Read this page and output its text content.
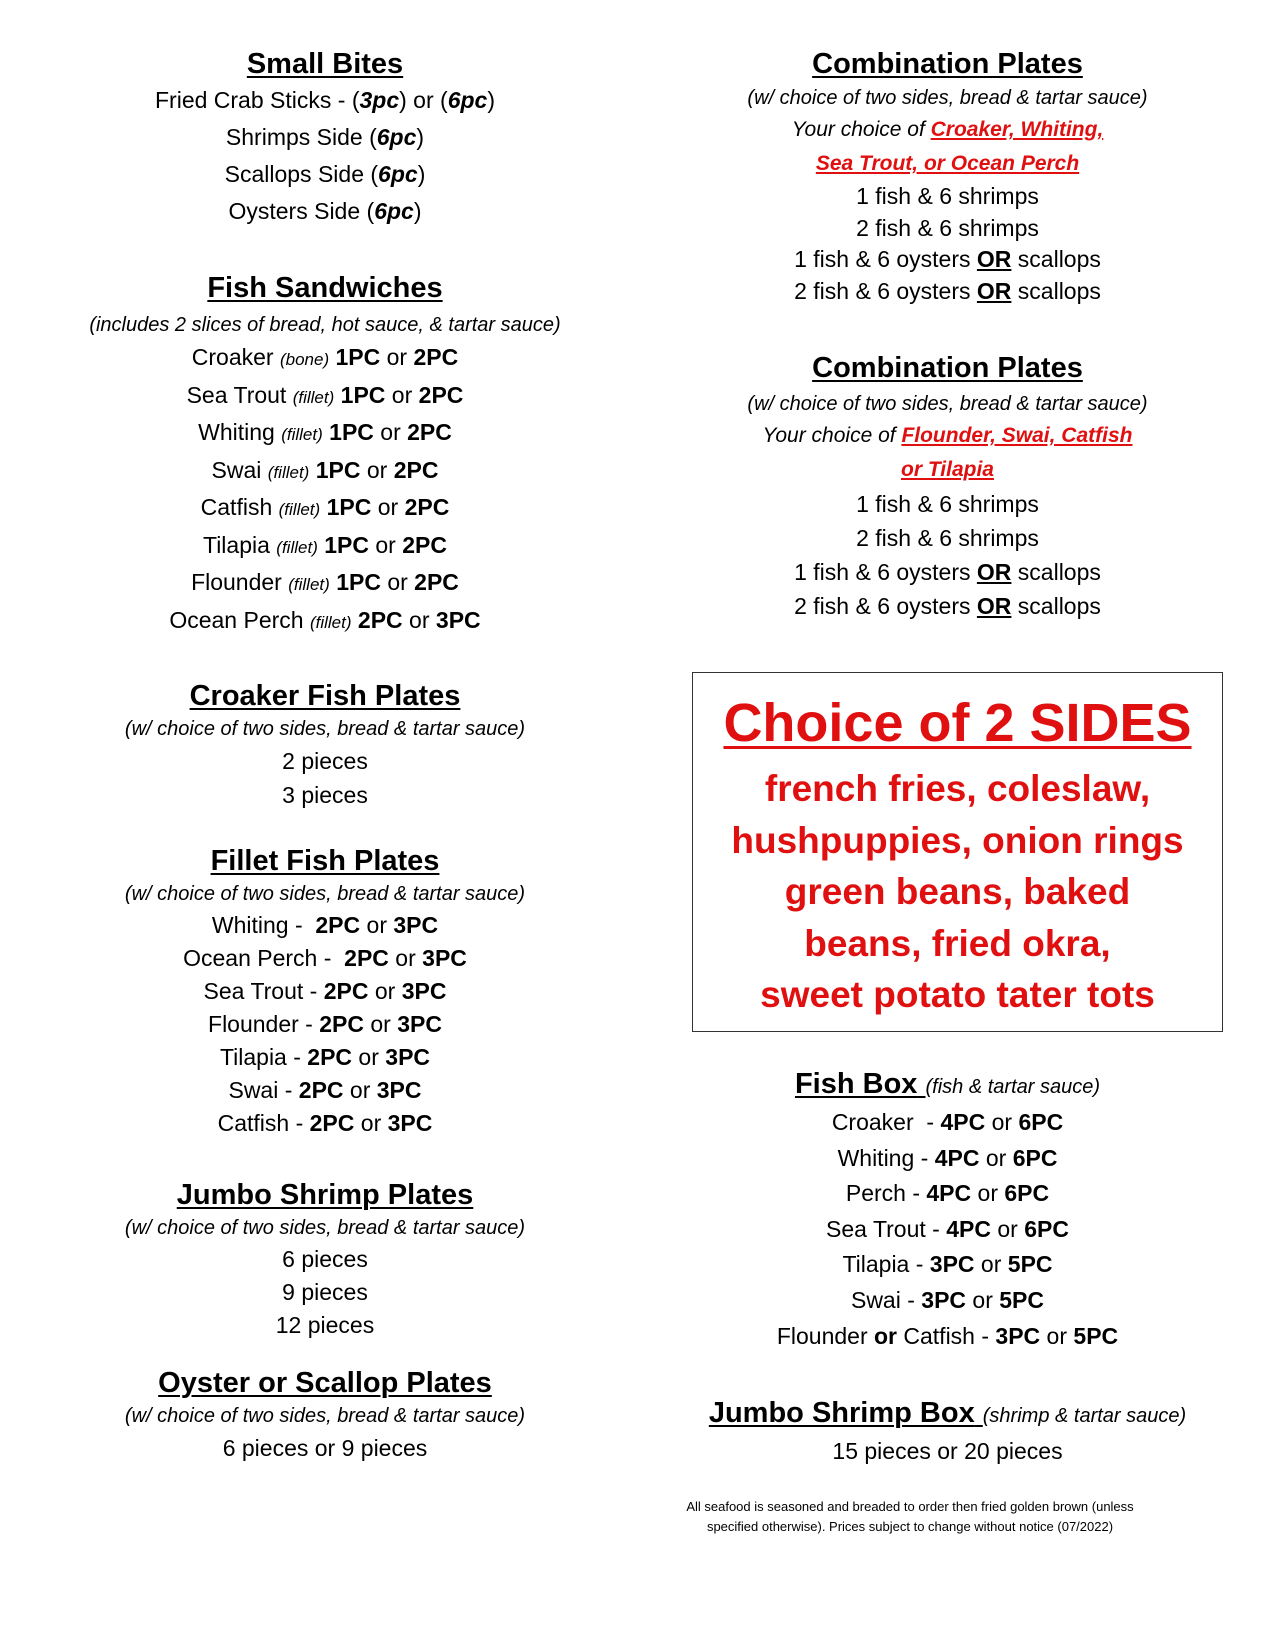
Small Bites
Fried Crab Sticks - (3pc) or (6pc)
Shrimps Side (6pc)
Scallops Side (6pc)
Oysters Side (6pc)
Fish Sandwiches
(includes 2 slices of bread, hot sauce, & tartar sauce)
Croaker (bone) 1PC or 2PC
Sea Trout (fillet) 1PC or 2PC
Whiting (fillet) 1PC or 2PC
Swai (fillet) 1PC or 2PC
Catfish (fillet) 1PC or 2PC
Tilapia (fillet) 1PC or 2PC
Flounder (fillet) 1PC or 2PC
Ocean Perch (fillet) 2PC or 3PC
Croaker Fish Plates
(w/ choice of two sides, bread & tartar sauce)
2 pieces
3 pieces
Fillet Fish Plates
(w/ choice of two sides, bread & tartar sauce)
Whiting -  2PC or 3PC
Ocean Perch -  2PC or 3PC
Sea Trout - 2PC or 3PC
Flounder - 2PC or 3PC
Tilapia - 2PC or 3PC
Swai - 2PC or 3PC
Catfish - 2PC or 3PC
Jumbo Shrimp Plates
(w/ choice of two sides, bread & tartar sauce)
6 pieces
9 pieces
12 pieces
Oyster or Scallop Plates
(w/ choice of two sides, bread & tartar sauce)
6 pieces or 9 pieces
Combination Plates
(w/ choice of two sides, bread & tartar sauce)
Your choice of Croaker, Whiting,
Sea Trout, or Ocean Perch
1 fish & 6 shrimps
2 fish & 6 shrimps
1 fish & 6 oysters OR scallops
2 fish & 6 oysters OR scallops
Combination Plates
(w/ choice of two sides, bread & tartar sauce)
Your choice of Flounder, Swai, Catfish
or Tilapia
1 fish & 6 shrimps
2 fish & 6 shrimps
1 fish & 6 oysters OR scallops
2 fish & 6 oysters OR scallops
Fish Box (fish & tartar sauce)
Croaker  - 4PC or 6PC
Whiting - 4PC or 6PC
Perch - 4PC or 6PC
Sea Trout - 4PC or 6PC
Tilapia - 3PC or 5PC
Swai - 3PC or 5PC
Flounder or Catfish - 3PC or 5PC
Jumbo Shrimp Box (shrimp & tartar sauce)
15 pieces or 20 pieces
Choice of 2 SIDES
french fries, coleslaw,
hushpuppies, onion rings
green beans, baked
beans, fried okra,
sweet potato tater tots
All seafood is seasoned and breaded to order then fried golden brown (unless
specified otherwise). Prices subject to change without notice (07/2022)
